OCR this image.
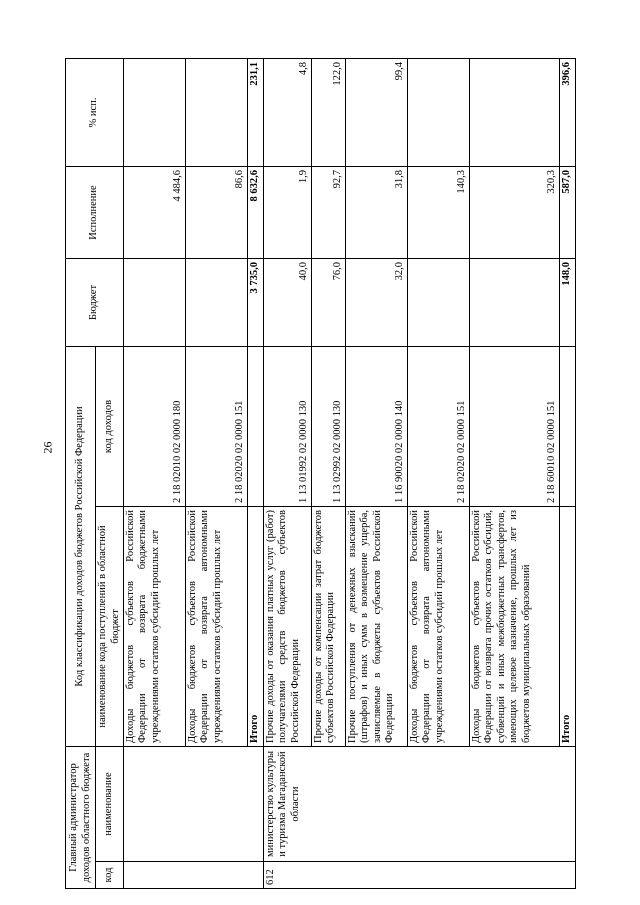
26
Главный администратор доходов областного бюджета		Код классификации доходов бюджетов Российской Федерации		Бюджет	Исполнение	% исп.
код	наименование	наименование кода поступлений в областной бюджет	код доходов			
		Доходы бюджетов субъектов Российской Федерации от возврата бюджетными учреждениями остатков субсидий прошлых лет	2 18 02010 02 0000 180		4 484,6	
		Доходы бюджетов субъектов Российской Федерации от возврата автономными учреждениями остатков субсидий прошлых лет	2 18 02020 02 0000 151		86,6	
		Итого		3 735,0	8 632,6	231,1
612	министерство культуры и туризма Магаданской области	Прочие доходы от оказания платных услуг (работ) получателями средств бюджетов субъектов Российской Федерации	1 13 01992 02 0000 130	40,0	1,9	4,8
		Прочие доходы от компенсации затрат бюджетов субъектов Российской Федерации	1 13 02992 02 0000 130	76,0	92,7	122,0
		Прочие поступления от денежных взысканий (штрафов) и иных сумм в возмещение ущерба, зачисляемые в бюджеты субъектов Российской Федерации	1 16 90020 02 0000 140	32,0	31,8	99,4
		Доходы бюджетов субъектов Российской Федерации от возврата автономными учреждениями остатков субсидий прошлых лет	2 18 02020 02 0000 151		140,3	
		Доходы бюджетов субъектов Российской Федерации от возврата прочих остатков субсидий, субвенций и иных межбюджетных трансфертов, имеющих целевое назначение, прошлых лет из бюджетов муниципальных образований	2 18 60010 02 0000 151		320,3	
		Итого		148,0	587,0	396,6
